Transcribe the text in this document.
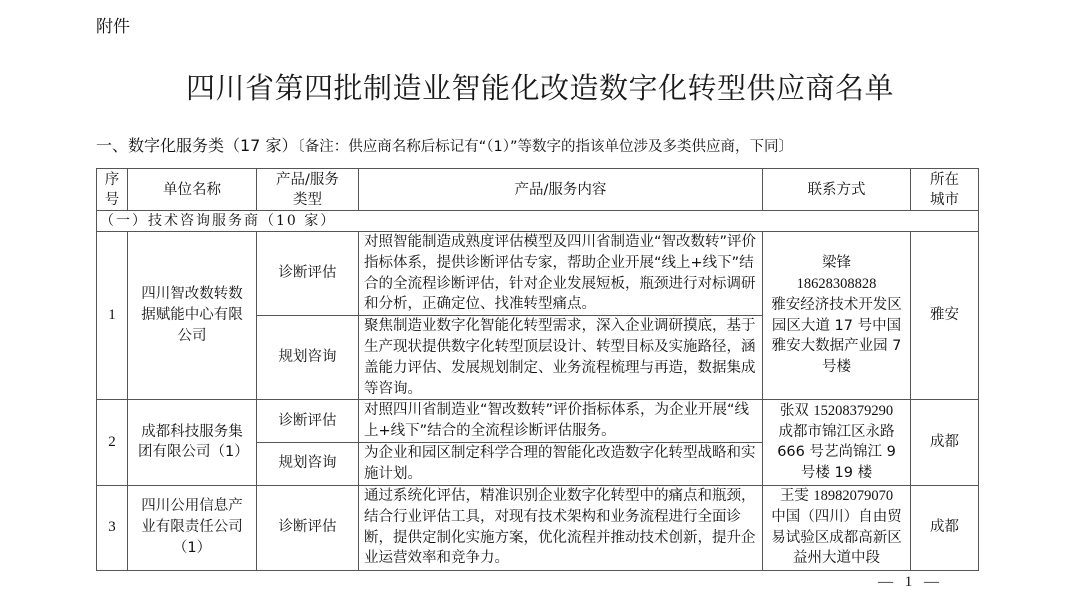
附件
四川省第四批制造业智能化改造数字化转型供应商名单
一、数字化服务类（17 家）〔备注：供应商名称后标记有“（1）”等数字的指该单位涉及多类供应商，下同〕
序
号	单位名称	产品/服务
类型	产品/服务内容	联系方式	所在
城市
（一）技术咨询服务商（10 家）					
1	四川智改数转数据赋能中心有限公司	诊断评估	对照智能制造成熟度评估模型及四川省制造业“智改数转”评价指标体系，提供诊断评估专家，帮助企业开展“线上+线下”结合的全流程诊断评估，针对企业发展短板，瓶颈进行对标调研和分析，正确定位、找准转型痛点。	梁锋
18628308828
雅安经济技术开发区园区大道 17 号中国雅安大数据产业园 7 号楼	雅安
		规划咨询	聚焦制造业数字化智能化转型需求，深入企业调研摸底，基于生产现状提供数字化转型顶层设计、转型目标及实施路径，涵盖能力评估、发展规划制定、业务流程梳理与再造，数据集成等咨询。		
2	成都科技服务集团有限公司（1）	诊断评估	对照四川省制造业“智改数转”评价指标体系，为企业开展“线上+线下”结合的全流程诊断评估服务。	张双 15208379290
成都市锦江区永路 666 号艺尚锦江 9 号楼 19 楼	成都
		规划咨询	为企业和园区制定科学合理的智能化改造数字化转型战略和实施计划。		
3	四川公用信息产业有限责任公司（1）	诊断评估	通过系统化评估，精准识别企业数字化转型中的痛点和瓶颈，结合行业评估工具，对现有技术架构和业务流程进行全面诊断，提供定制化实施方案，优化流程并推动技术创新，提升企业运营效率和竞争力。	王雯 18982079070
中国（四川）自由贸易试验区成都高新区益州大道中段	成都
— 1 —
